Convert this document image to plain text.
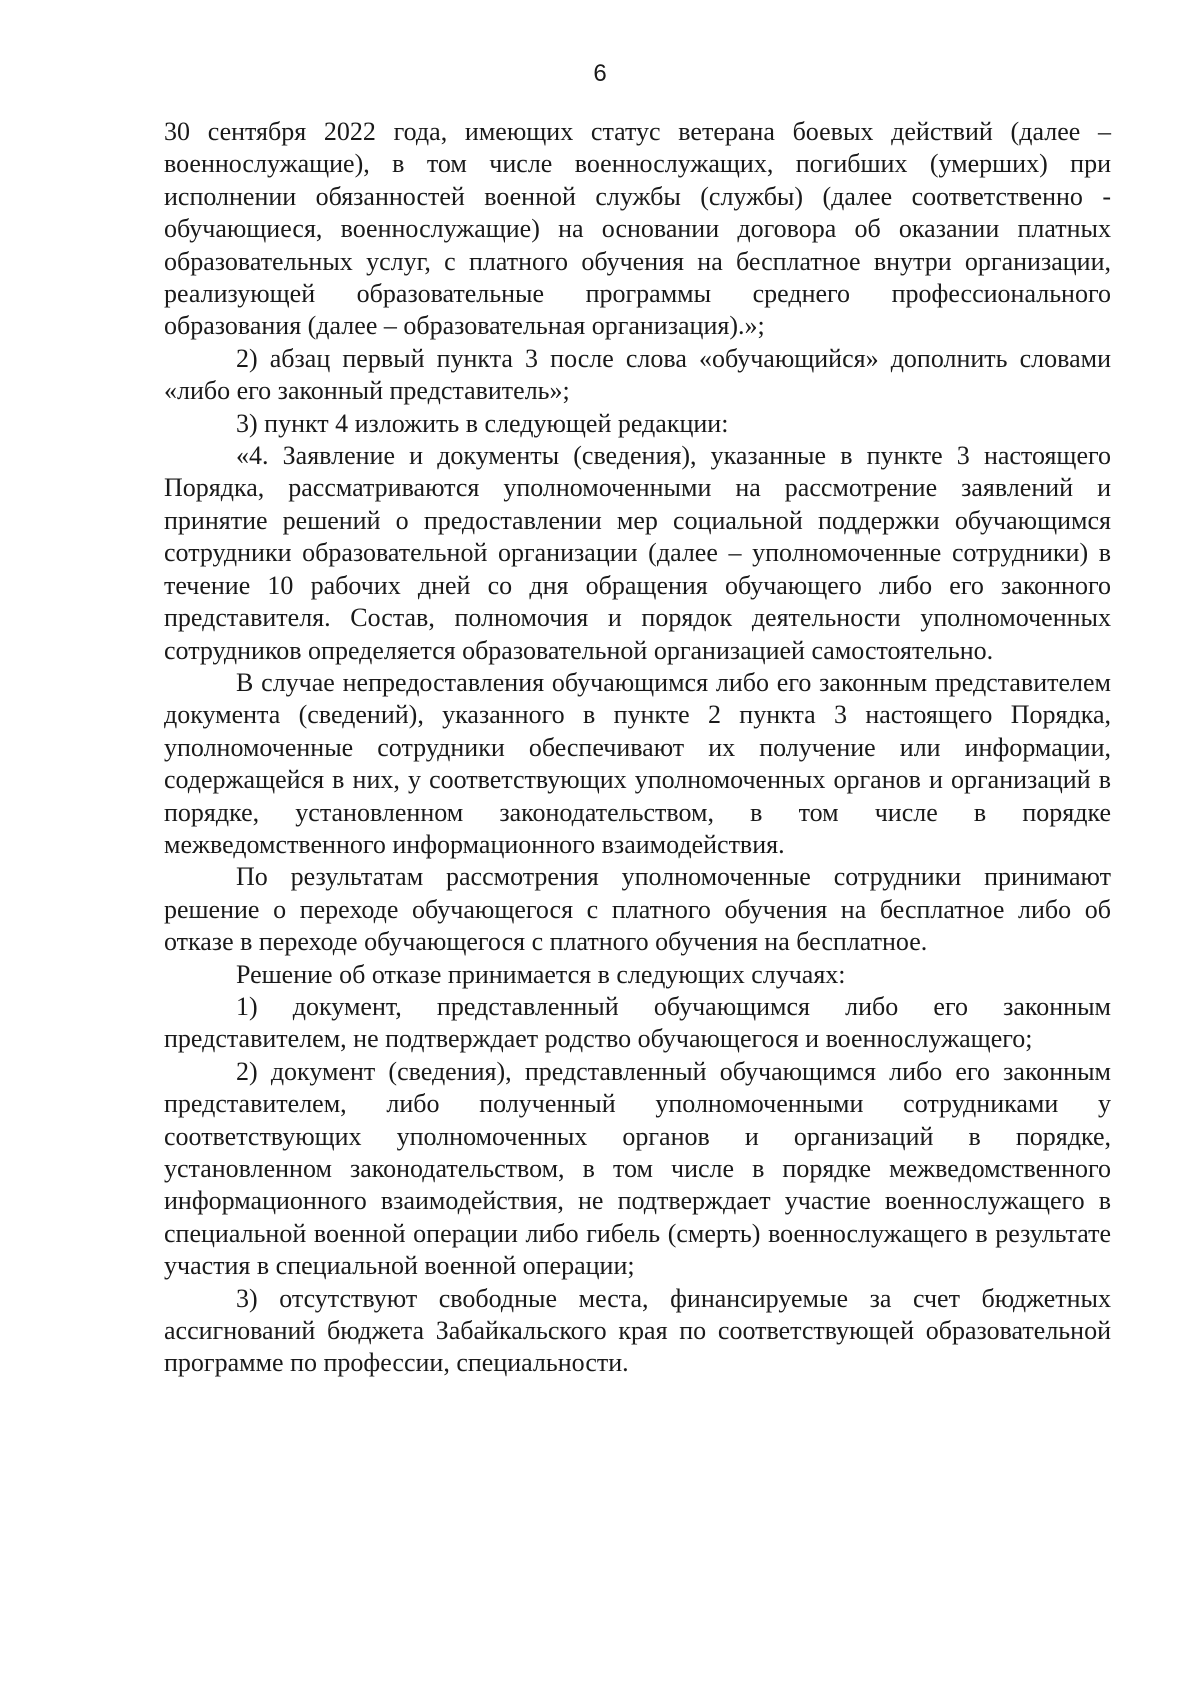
6

30 сентября 2022 года, имеющих статус ветерана боевых действий (далее – военнослужащие), в том числе военнослужащих, погибших (умерших) при исполнении обязанностей военной службы (службы) (далее соответственно - обучающиеся, военнослужащие) на основании договора об оказании платных образовательных услуг, с платного обучения на бесплатное внутри организации, реализующей образовательные программы среднего профессионального образования (далее – образовательная организация).»;

2) абзац первый пункта 3 после слова «обучающийся» дополнить словами «либо его законный представитель»;

3) пункт 4 изложить в следующей редакции:

«4. Заявление и документы (сведения), указанные в пункте 3 настоящего Порядка, рассматриваются уполномоченными на рассмотрение заявлений и принятие решений о предоставлении мер социальной поддержки обучающимся сотрудники образовательной организации (далее – уполномоченные сотрудники) в течение 10 рабочих дней со дня обращения обучающего либо его законного представителя. Состав, полномочия и порядок деятельности уполномоченных сотрудников определяется образовательной организацией самостоятельно.

В случае непредоставления обучающимся либо его законным представителем документа (сведений), указанного в пункте 2 пункта 3 настоящего Порядка, уполномоченные сотрудники обеспечивают их получение или информации, содержащейся в них, у соответствующих уполномоченных органов и организаций в порядке, установленном законодательством, в том числе в порядке межведомственного информационного взаимодействия.

По результатам рассмотрения уполномоченные сотрудники принимают решение о переходе обучающегося с платного обучения на бесплатное либо об отказе в переходе обучающегося с платного обучения на бесплатное.

Решение об отказе принимается в следующих случаях:

1) документ, представленный обучающимся либо его законным представителем, не подтверждает родство обучающегося и военнослужащего;

2) документ (сведения), представленный обучающимся либо его законным представителем, либо полученный уполномоченными сотрудниками у соответствующих уполномоченных органов и организаций в порядке, установленном законодательством, в том числе в порядке межведомственного информационного взаимодействия, не подтверждает участие военнослужащего в специальной военной операции либо гибель (смерть) военнослужащего в результате участия в специальной военной операции;

3) отсутствуют свободные места, финансируемые за счет бюджетных ассигнований бюджета Забайкальского края по соответствующей образовательной программе по профессии, специальности.
